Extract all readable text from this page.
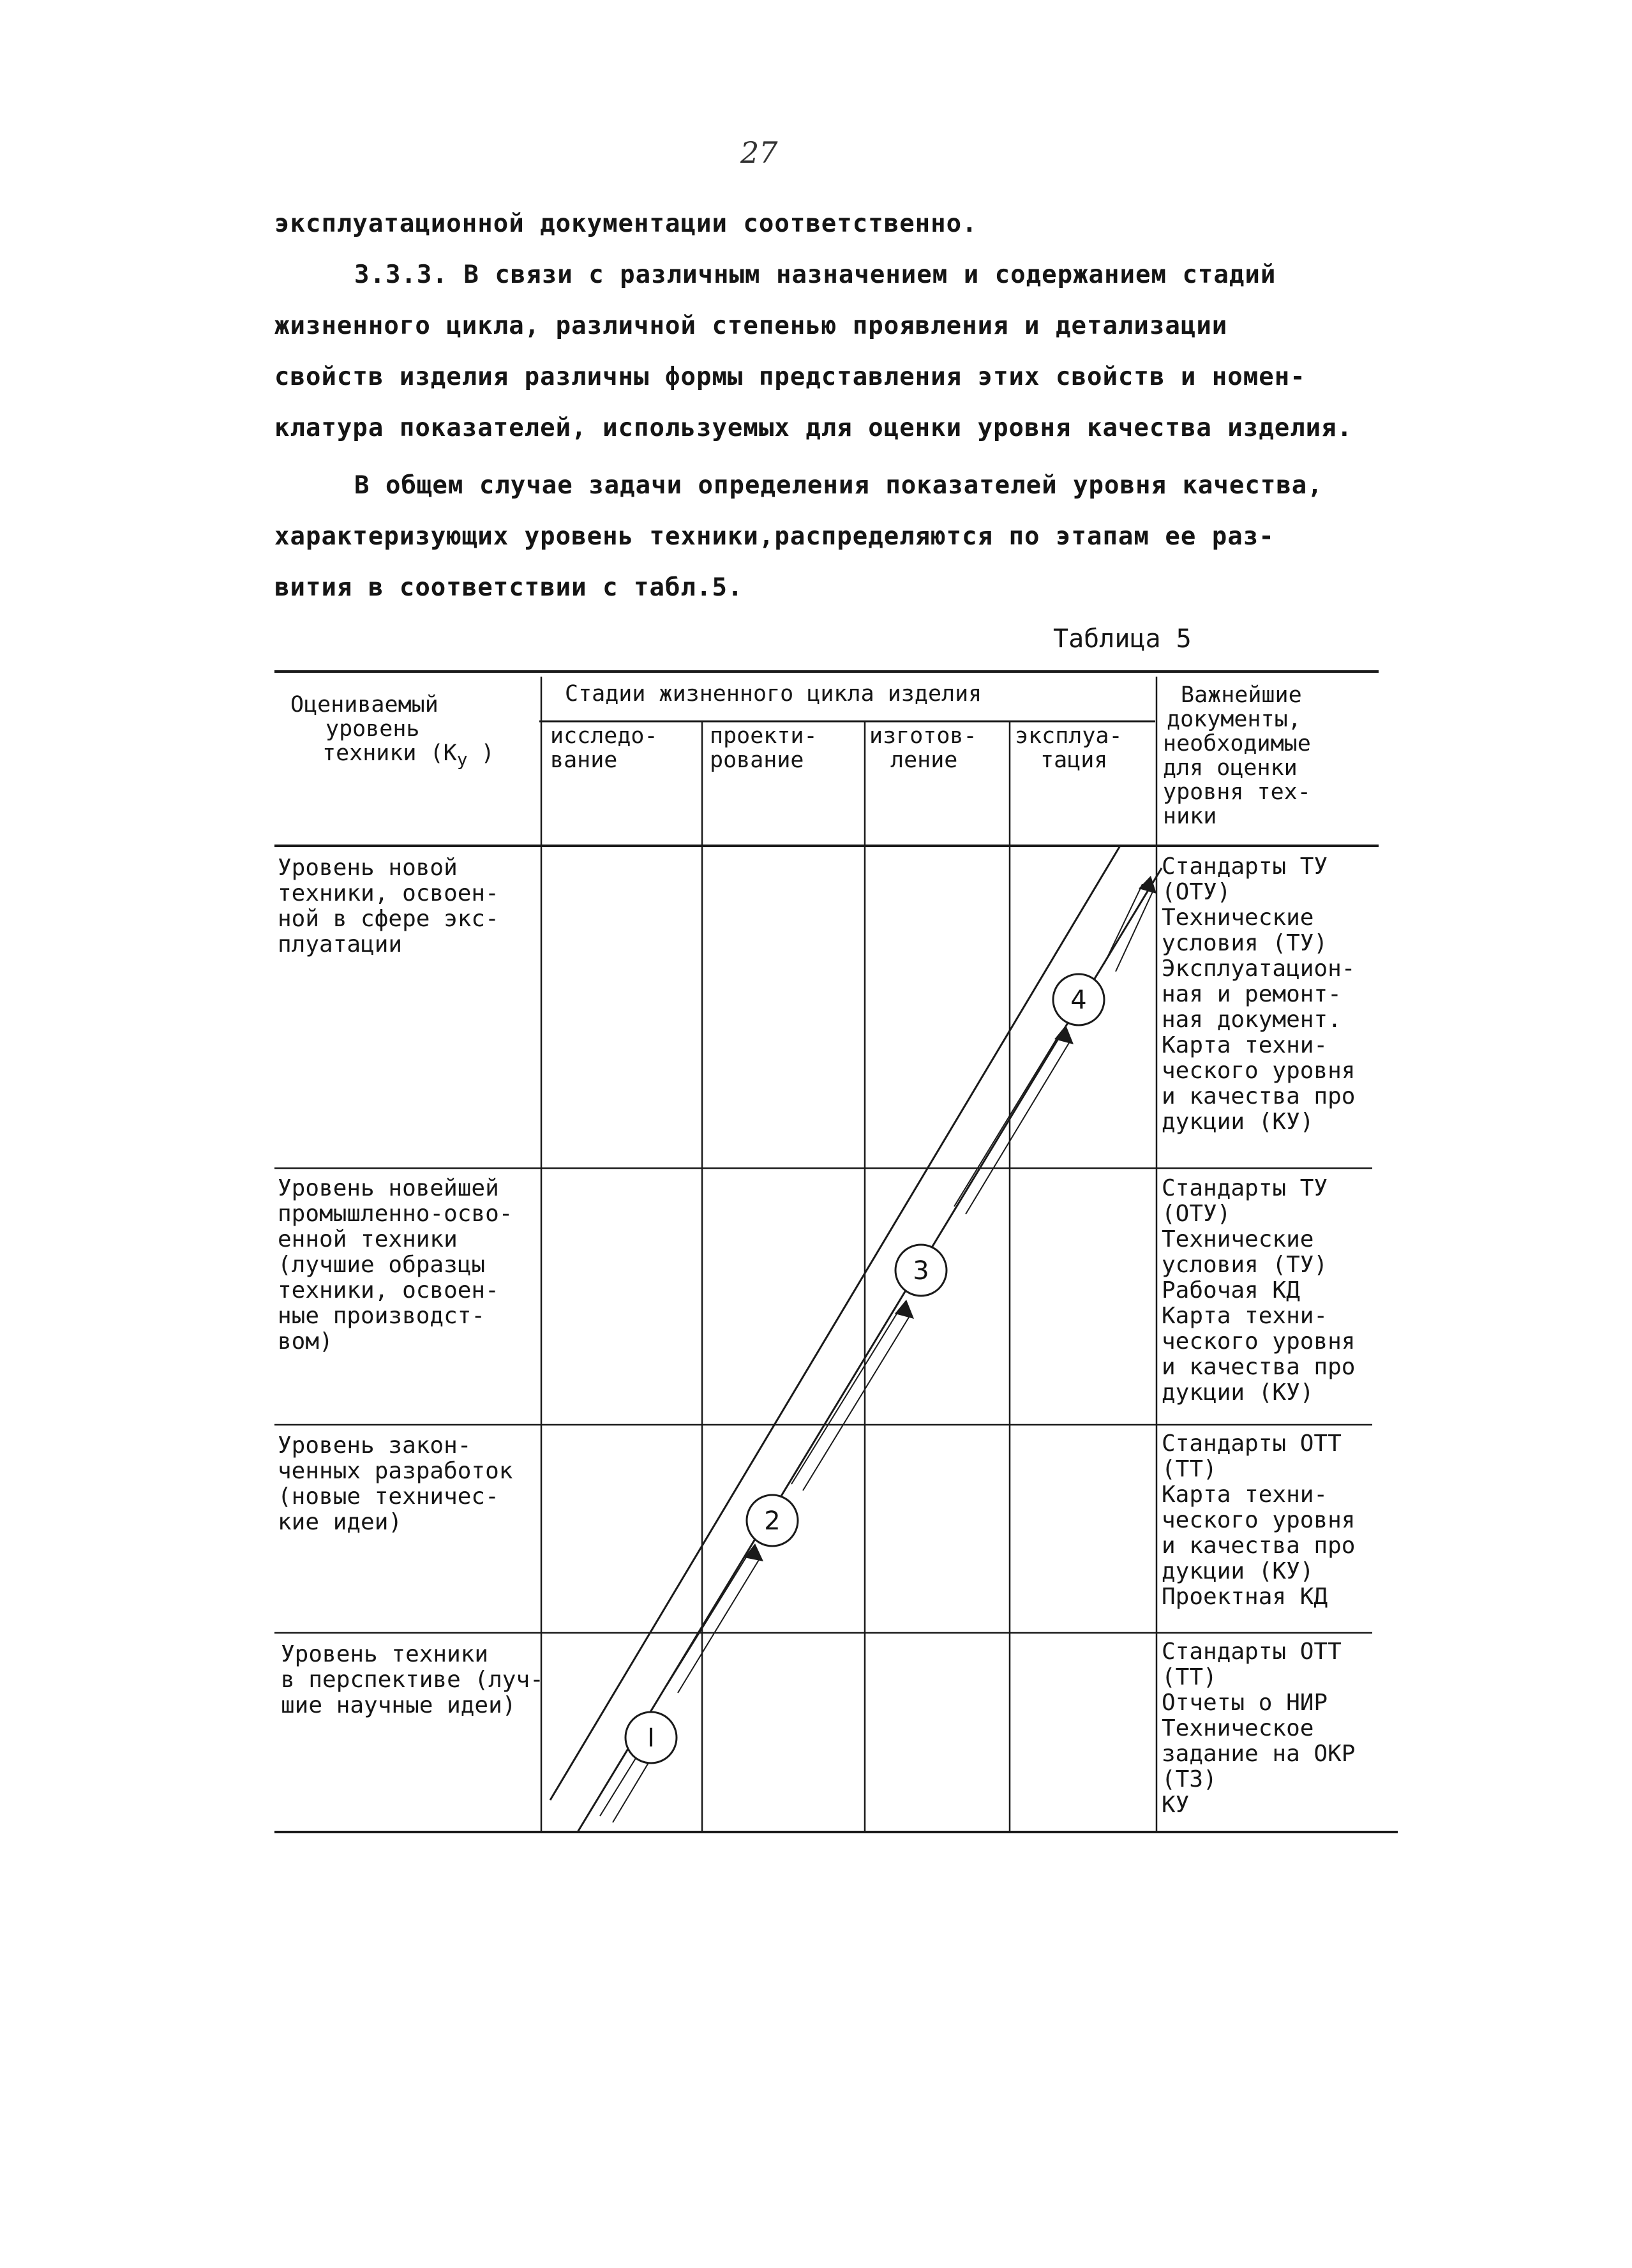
27
эксплуатационной документации соответственно.
3.3.3. В связи с различным назначением и содержанием стадий
жизненного цикла, различной степенью проявления и детализации
свойств изделия различны формы представления этих свойств и номен-
клатура показателей, используемых для оценки уровня качества изделия.
В общем случае задачи определения показателей уровня качества,
характеризующих уровень техники,распределяются по этапам ее раз-
вития в соответствии с табл.5.
Таблица 5
I
2
3
4
Оцениваемый
уровень
техники ($К_у$ )
Стадии жизненного цикла изделия
исследо-
вание
проекти-
рование
изготов-
ление
эксплуа-
тация
Важнейшие
документы,
необходимые
для оценки
уровня тех-
ники
Уровень новой
техники, освоен-
ной в сфере экс-
плуатации
Стандарты ТУ
(ОТУ)
Технические
условия (ТУ)
Эксплуатацион-
ная и ремонт-
ная документ.
Карта техни-
ческого уровня
и качества про
дукции (КУ)
Уровень новейшей
промышленно-осво-
енной техники
(лучшие образцы
техники, освоен-
ные производст-
вом)
Стандарты ТУ
(ОТУ)
Технические
условия (ТУ)
Рабочая КД
Карта техни-
ческого уровня
и качества про
дукции (КУ)
Уровень закон-
ченных разработок
(новые техничес-
кие идеи)
Стандарты ОТТ
(ТТ)
Карта техни-
ческого уровня
и качества про
дукции (КУ)
Проектная КД
Уровень техники
в перспективе (луч-
шие научные идеи)
Стандарты ОТТ
(ТТ)
Отчеты о НИР
Техническое
задание на ОКР
(ТЗ)
КУ
